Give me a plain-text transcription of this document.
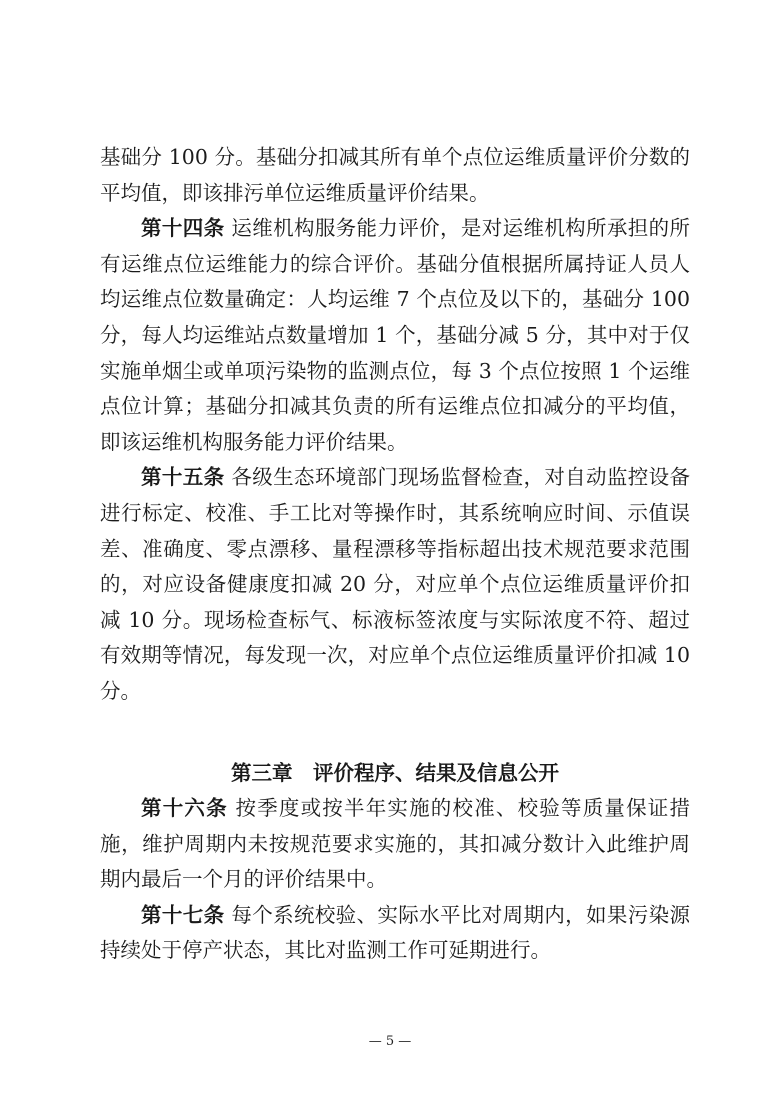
基础分 100 分。基础分扣减其所有单个点位运维质量评价分数的平均值，即该排污单位运维质量评价结果。

第十四条 运维机构服务能力评价，是对运维机构所承担的所有运维点位运维能力的综合评价。基础分值根据所属持证人员人均运维点位数量确定：人均运维 7 个点位及以下的，基础分 100 分，每人均运维站点数量增加 1 个，基础分减 5 分，其中对于仅实施单烟尘或单项污染物的监测点位，每 3 个点位按照 1 个运维点位计算；基础分扣减其负责的所有运维点位扣减分的平均值，即该运维机构服务能力评价结果。

第十五条 各级生态环境部门现场监督检查，对自动监控设备进行标定、校准、手工比对等操作时，其系统响应时间、示值误差、准确度、零点漂移、量程漂移等指标超出技术规范要求范围的，对应设备健康度扣减 20 分，对应单个点位运维质量评价扣减 10 分。现场检查标气、标液标签浓度与实际浓度不符、超过有效期等情况，每发现一次，对应单个点位运维质量评价扣减 10 分。

第三章　评价程序、结果及信息公开

第十六条 按季度或按半年实施的校准、校验等质量保证措施，维护周期内未按规范要求实施的，其扣减分数计入此维护周期内最后一个月的评价结果中。

第十七条 每个系统校验、实际水平比对周期内，如果污染源持续处于停产状态，其比对监测工作可延期进行。

— 5 —
